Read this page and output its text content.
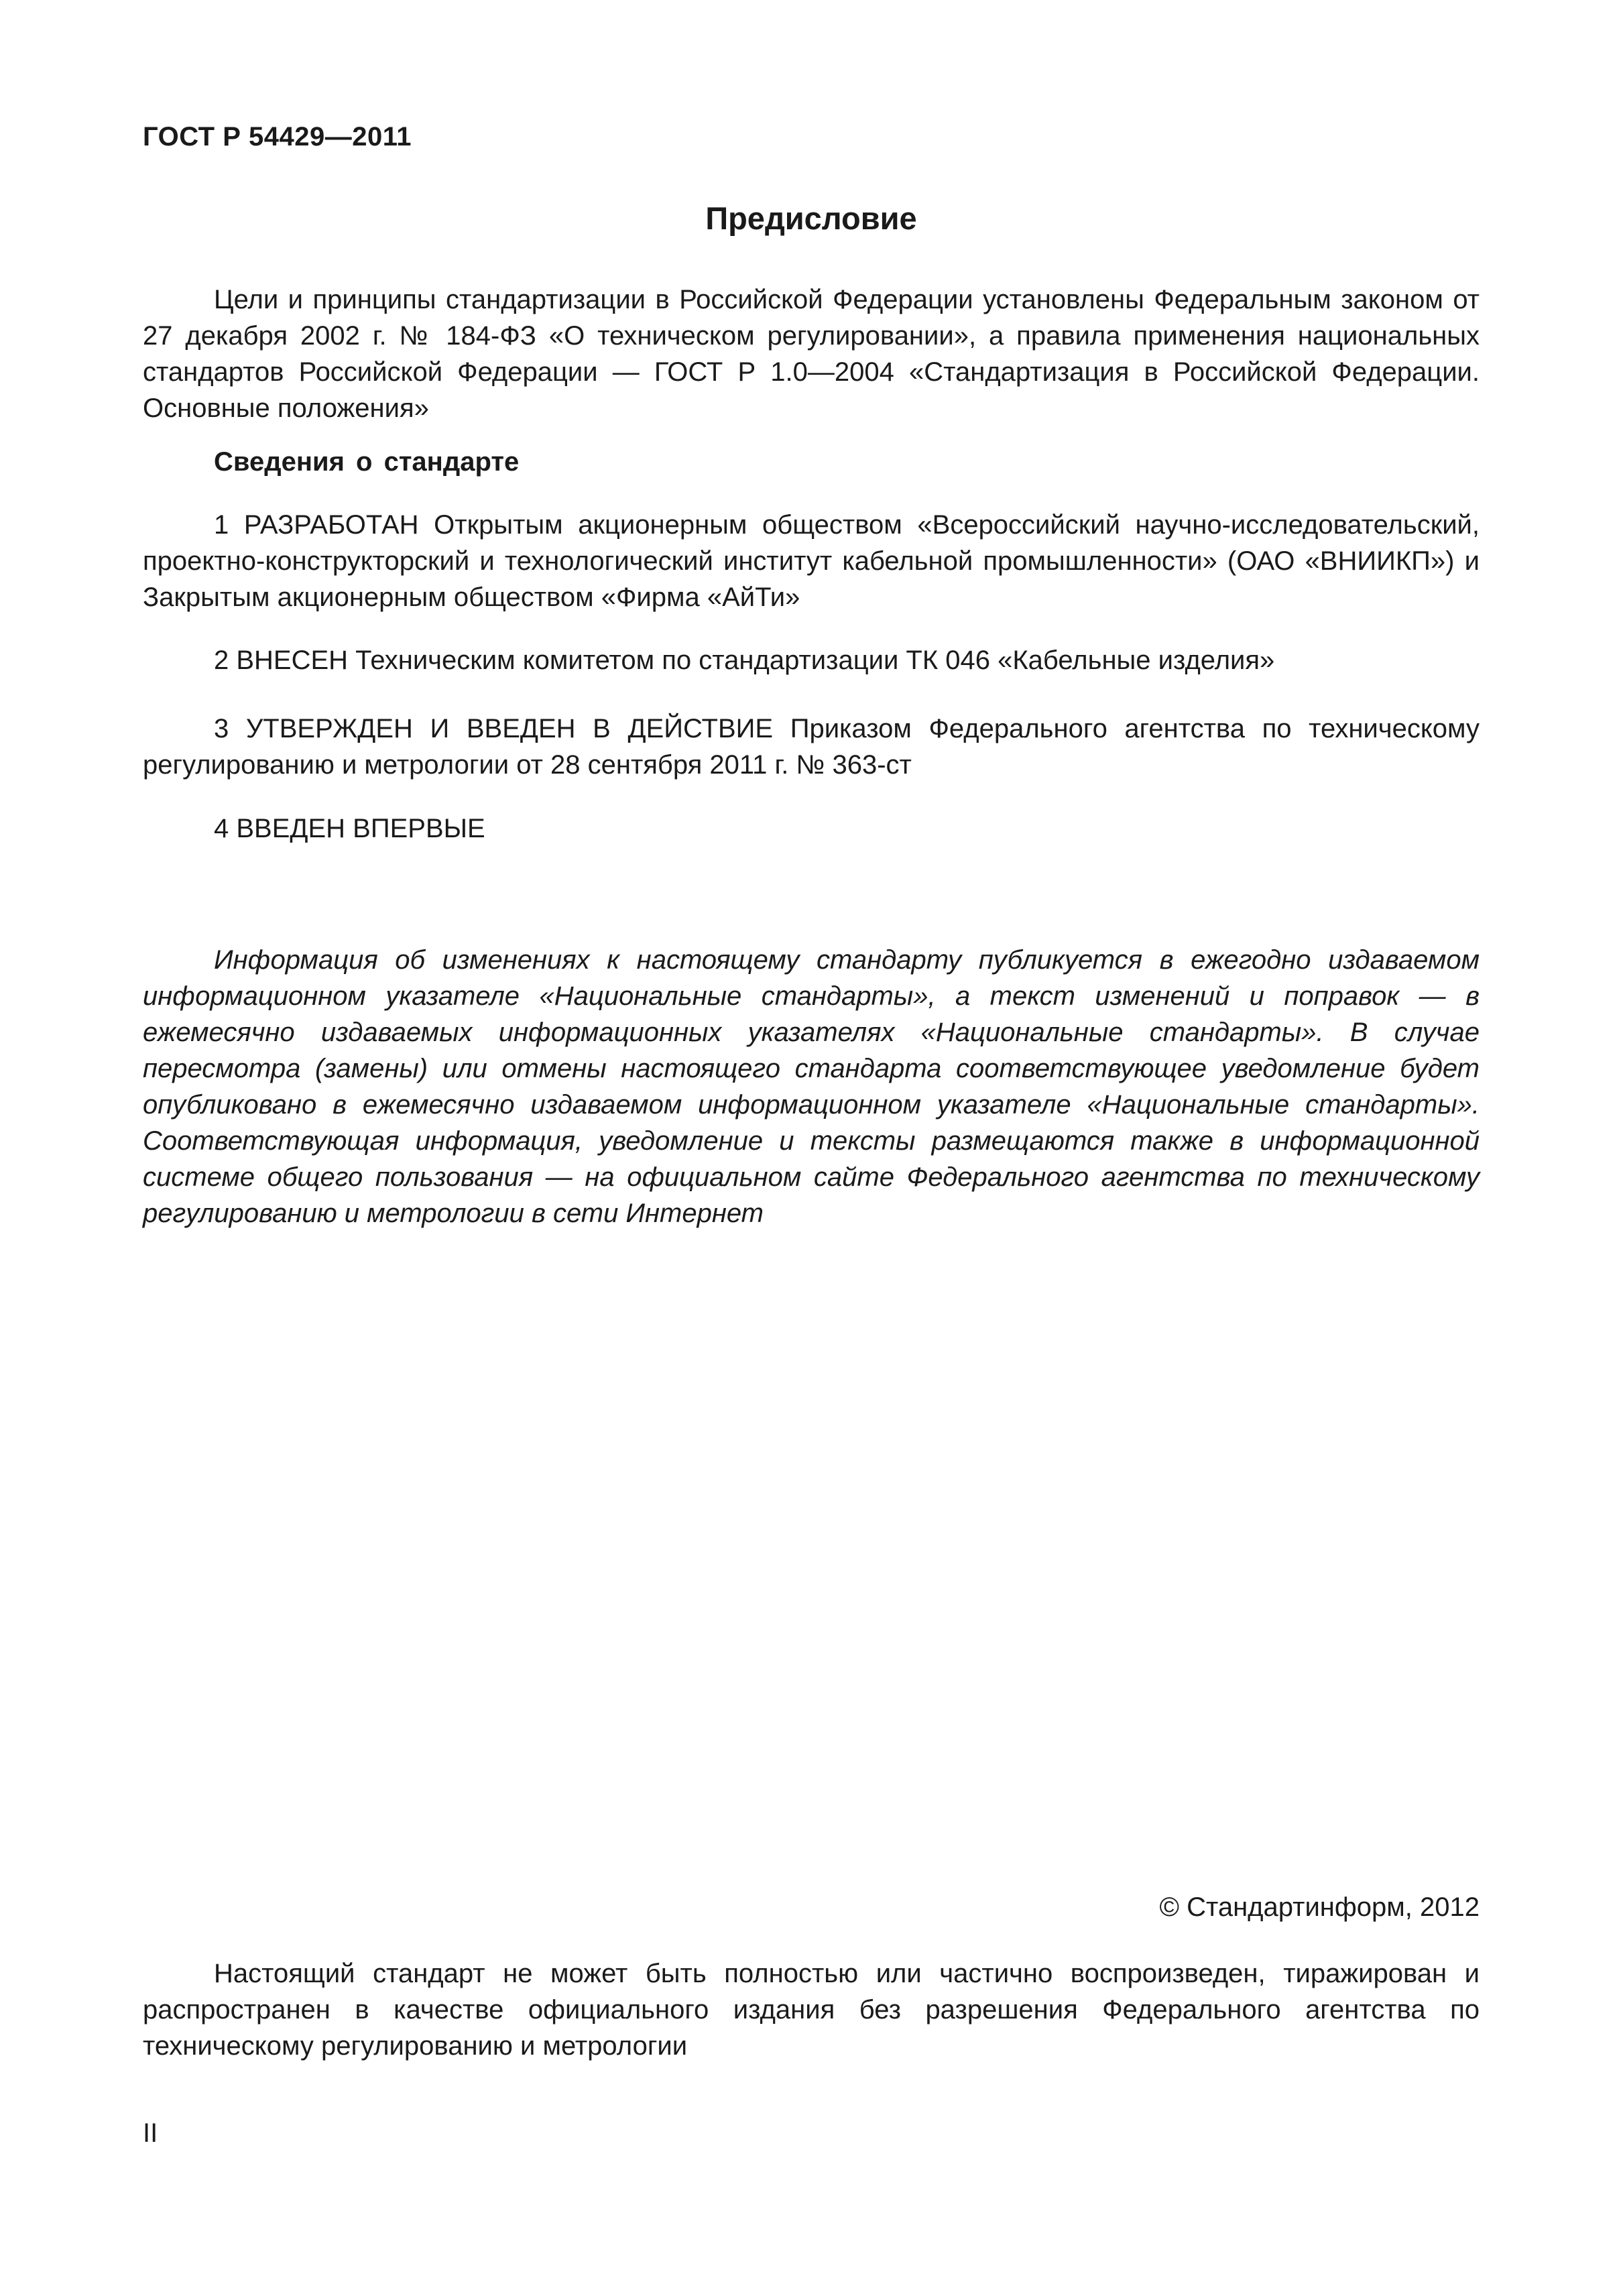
ГОСТ Р 54429—2011
Предисловие

Цели и принципы стандартизации в Российской Федерации установлены Федеральным законом от 27 декабря 2002 г. № 184-ФЗ «О техническом регулировании», а правила применения национальных стандартов Российской Федерации — ГОСТ Р 1.0—2004 «Стандартизация в Российской Федерации. Основные положения»

Сведения о стандарте

1 РАЗРАБОТАН Открытым акционерным обществом «Всероссийский научно-исследовательский, проектно-конструкторский и технологический институт кабельной промышленности» (ОАО «ВНИИКП») и Закрытым акционерным обществом «Фирма «АйТи»

2 ВНЕСЕН Техническим комитетом по стандартизации ТК 046 «Кабельные изделия»

3 УТВЕРЖДЕН И ВВЕДЕН В ДЕЙСТВИЕ Приказом Федерального агентства по техническому регулированию и метрологии от 28 сентября 2011 г. № 363-ст

4 ВВЕДЕН ВПЕРВЫЕ

Информация об изменениях к настоящему стандарту публикуется в ежегодно издаваемом информационном указателе «Национальные стандарты», а текст изменений и поправок — в ежемесячно издаваемых информационных указателях «Национальные стандарты». В случае пересмотра (замены) или отмены настоящего стандарта соответствующее уведомление будет опубликовано в ежемесячно издаваемом информационном указателе «Национальные стандарты». Соответствующая информация, уведомление и тексты размещаются также в информационной системе общего пользования — на официальном сайте Федерального агентства по техническому регулированию и метрологии в сети Интернет

© Стандартинформ, 2012

Настоящий стандарт не может быть полностью или частично воспроизведен, тиражирован и распространен в качестве официального издания без разрешения Федерального агентства по техническому регулированию и метрологии

II
